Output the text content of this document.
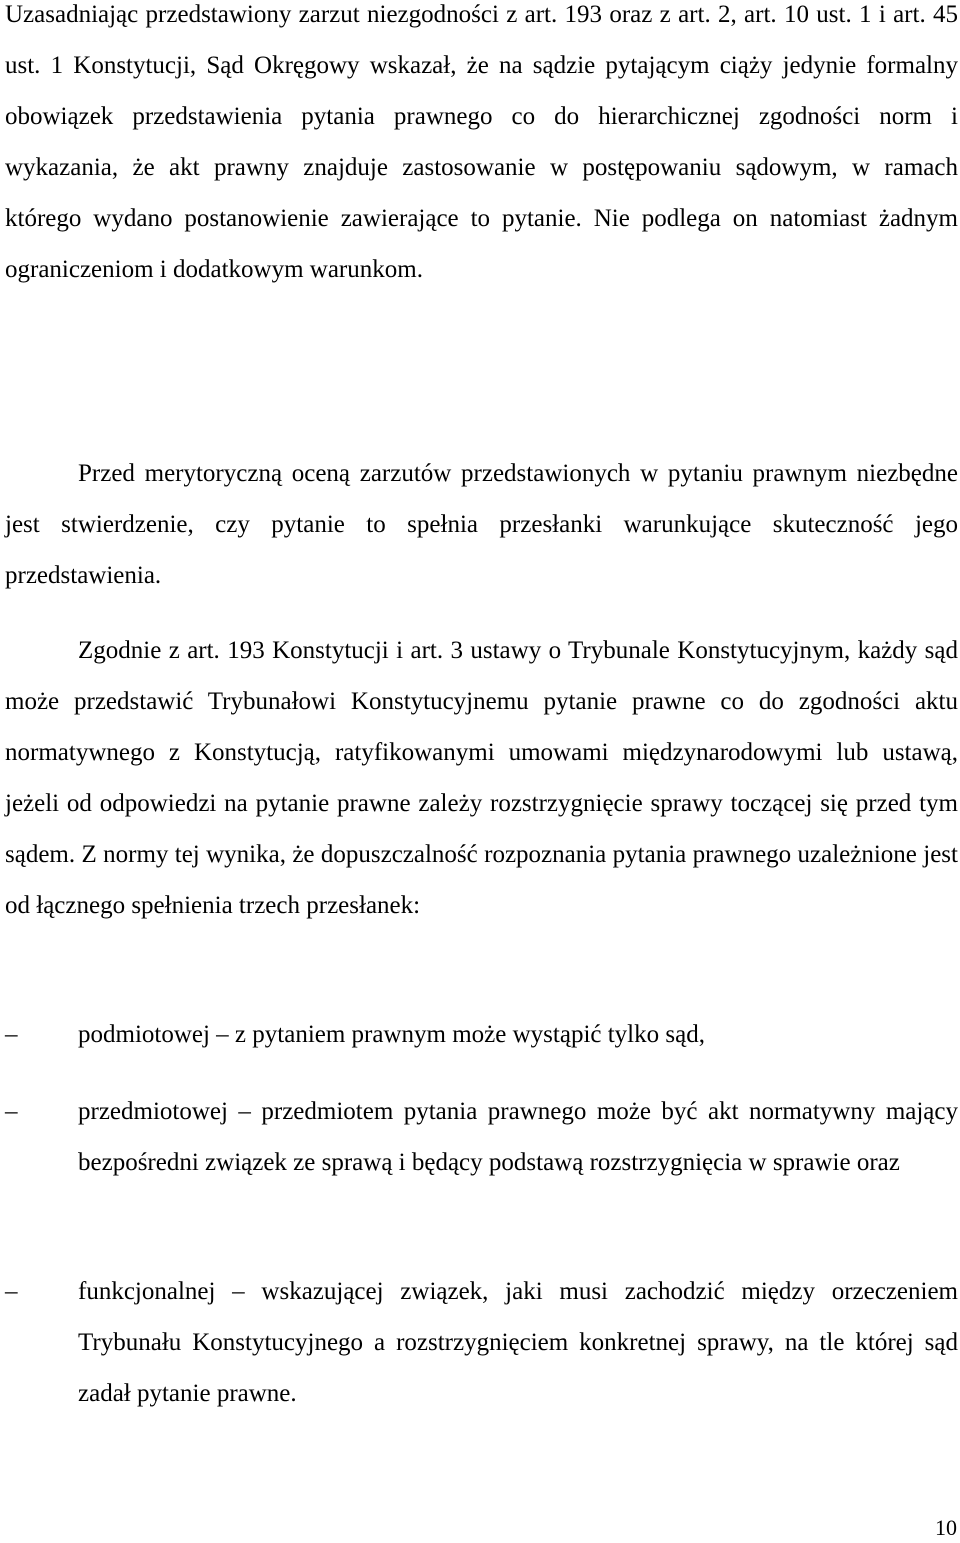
Uzasadniając przedstawiony zarzut niezgodności z art. 193 oraz z art. 2, art. 10 ust. 1 i art. 45 ust. 1 Konstytucji, Sąd Okręgowy wskazał, że na sądzie pytającym ciąży jedynie formalny obowiązek przedstawienia pytania prawnego co do hierarchicznej zgodności norm i wykazania, że akt prawny znajduje zastosowanie w postępowaniu sądowym, w ramach którego wydano postanowienie zawierające to pytanie. Nie podlega on natomiast żadnym ograniczeniom i dodatkowym warunkom.

Przed merytoryczną oceną zarzutów przedstawionych w pytaniu prawnym niezbędne jest stwierdzenie, czy pytanie to spełnia przesłanki warunkujące skuteczność jego przedstawienia.

Zgodnie z art. 193 Konstytucji i art. 3 ustawy o Trybunale Konstytucyjnym, każdy sąd może przedstawić Trybunałowi Konstytucyjnemu pytanie prawne co do zgodności aktu normatywnego z Konstytucją, ratyfikowanymi umowami międzynarodowymi lub ustawą, jeżeli od odpowiedzi na pytanie prawne zależy rozstrzygnięcie sprawy toczącej się przed tym sądem. Z normy tej wynika, że dopuszczalność rozpoznania pytania prawnego uzależnione jest od łącznego spełnienia trzech przesłanek:

– podmiotowej – z pytaniem prawnym może wystąpić tylko sąd,

– przedmiotowej – przedmiotem pytania prawnego może być akt normatywny mający bezpośredni związek ze sprawą i będący podstawą rozstrzygnięcia w sprawie oraz

– funkcjonalnej – wskazującej związek, jaki musi zachodzić między orzeczeniem Trybunału Konstytucyjnego a rozstrzygnięciem konkretnej sprawy, na tle której sąd zadał pytanie prawne.

10
